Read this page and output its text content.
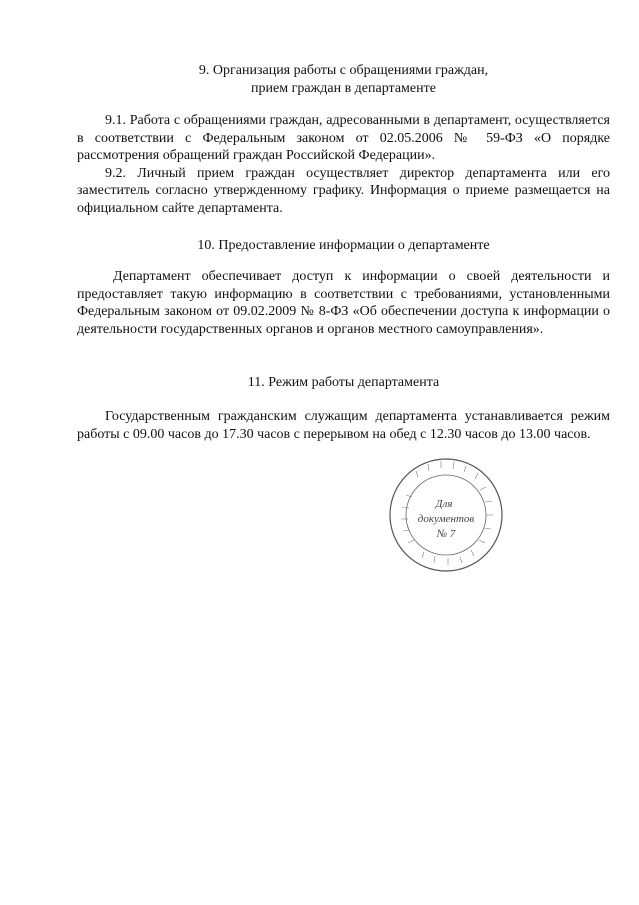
9. Организация работы с обращениями граждан,

прием граждан в департаменте

9.1. Работа с обращениями граждан, адресованными в департамент, осуществляется в соответствии с Федеральным законом от 02.05.2006 № 59-ФЗ «О порядке рассмотрения обращений граждан Российской Федерации».

9.2. Личный прием граждан осуществляет директор департамента или его заместитель согласно утвержденному графику. Информация о приеме размещается на официальном сайте департамента.

10. Предоставление информации о департаменте

Департамент обеспечивает доступ к информации о своей деятельности и предоставляет такую информацию в соответствии с требованиями, установленными Федеральным законом от 09.02.2009 № 8-ФЗ «Об обеспечении доступа к информации о деятельности государственных органов и органов местного самоуправления».

11. Режим работы департамента

Государственным гражданским служащим департамента устанавливается режим работы с 09.00 часов до 17.30 часов с перерывом на обед с 12.30 часов до 13.00 часов.

Для
документов
№ 7
